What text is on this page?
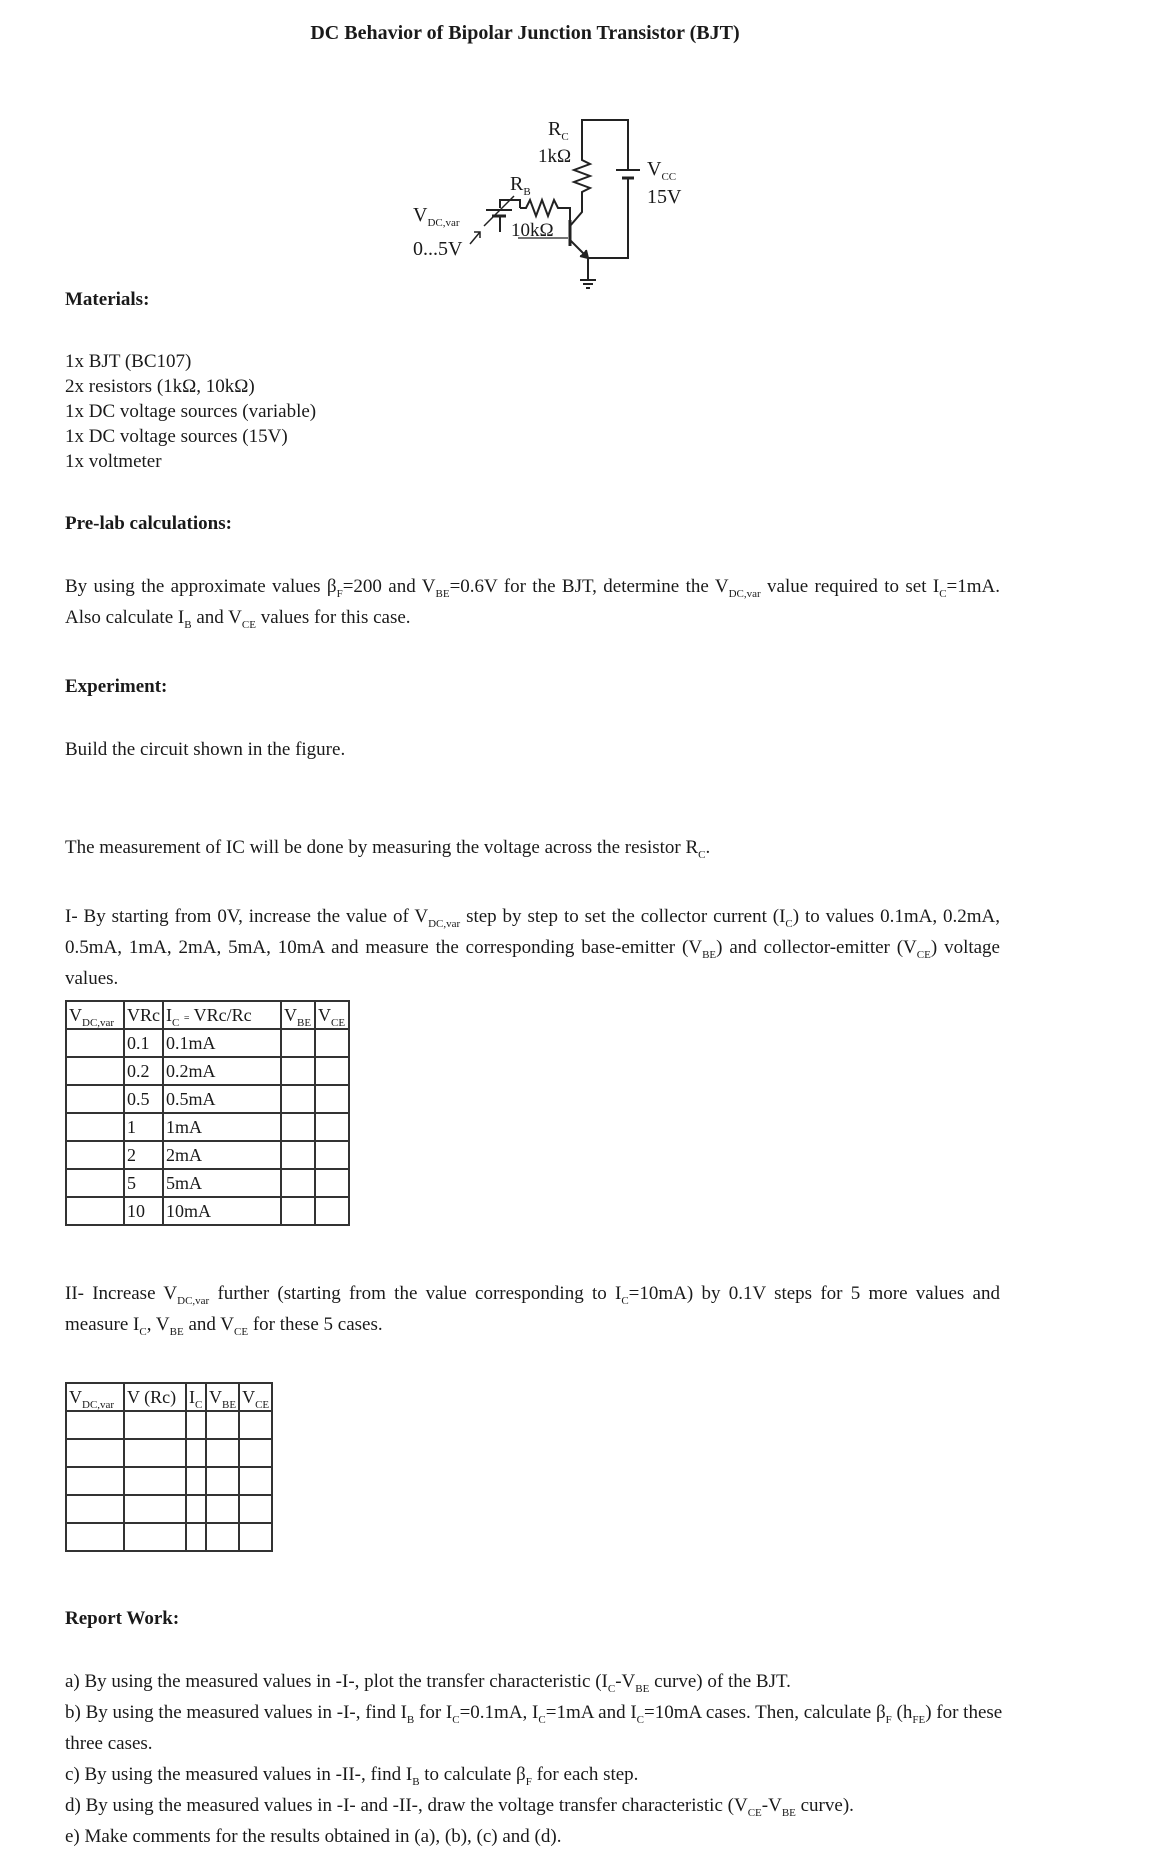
DC Behavior of Bipolar Junction Transistor (BJT)
$R_C$
1kΩ
$R_B$
10kΩ
$V_{CC}$
15V
$V_{DC,var}$
0...5V
Materials:
1x BJT (BC107)
2x resistors (1kΩ, 10kΩ)
1x DC voltage sources (variable)
1x DC voltage sources (15V)
1x voltmeter
Pre-lab calculations:
By using the approximate values $\beta_F=200$ and $V_{BE}=0.6V$ for the BJT, determine the $V_{DC,var}$ value required to set $I_C=1mA$. Also calculate $I_B$ and $V_{CE}$ values for this case.
Experiment:
Build the circuit shown in the figure.
The measurement of IC will be done by measuring the voltage across the resistor $R_C$.
I- By starting from 0V, increase the value of $V_{DC,var}$ step by step to set the collector current $(I_C)$ to values 0.1mA, 0.2mA, 0.5mA, 1mA, 2mA, 5mA, 10mA and measure the corresponding base-emitter $(V_{BE})$ and collector-emitter $(V_{CE})$ voltage values.
$V_{DC,var}$	VRc	$I_C = VRc/Rc$	$V_{BE}$	$V_{CE}$
	0.1	0.1mA		
	0.2	0.2mA		
	0.5	0.5mA		
	1	1mA		
	2	2mA		
	5	5mA		
	10	10mA		
II- Increase $V_{DC,var}$ further (starting from the value corresponding to $I_C=10mA$) by 0.1V steps for 5 more values and measure $I_C$, $V_{BE}$ and $V_{CE}$ for these 5 cases.
$V_{DC,var}$	V (Rc)	$I_C$	$V_{BE}$	$V_{CE}$

Report Work:
a) By using the measured values in -I-, plot the transfer characteristic ($I_C-V_{BE}$ curve) of the BJT.
b) By using the measured values in -I-, find $I_B$ for $I_C=0.1mA$, $I_C=1mA$ and $I_C=10mA$ cases. Then, calculate $\beta_F$ $(h_{FE})$ for these three cases.
c) By using the measured values in -II-, find $I_B$ to calculate $\beta_F$ for each step.
d) By using the measured values in -I- and -II-, draw the voltage transfer characteristic ($V_{CE}-V_{BE}$ curve).
e) Make comments for the results obtained in (a), (b), (c) and (d).
